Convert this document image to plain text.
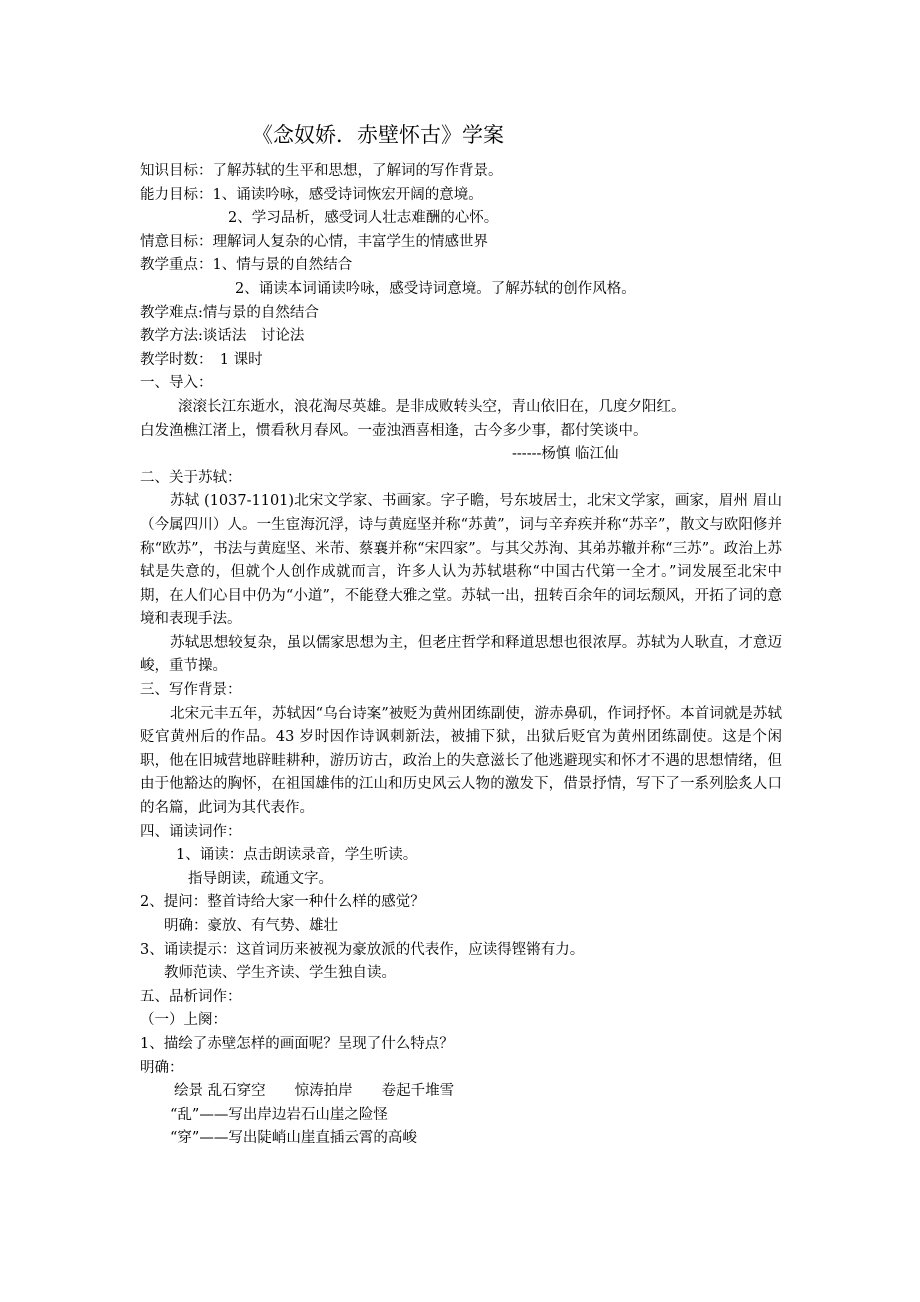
《念奴娇．赤壁怀古》学案
知识目标：了解苏轼的生平和思想，了解词的写作背景。
能力目标：1、诵读吟咏，感受诗词恢宏开阔的意境。
2、学习品析，感受词人壮志难酬的心怀。
情意目标：理解词人复杂的心情，丰富学生的情感世界
教学重点：1、情与景的自然结合
2、诵读本词诵读吟咏，感受诗词意境。了解苏轼的创作风格。
教学难点:情与景的自然结合
教学方法:谈话法　讨论法
教学时数：　1 课时
一、导入：
滚滚长江东逝水，浪花淘尽英雄。是非成败转头空，青山依旧在，几度夕阳红。
白发渔樵江渚上，惯看秋月春风。一壶浊酒喜相逢，古今多少事，都付笑谈中。
------杨慎 临江仙
二、关于苏轼：
苏轼 (1037-1101)北宋文学家、书画家。字子瞻，号东坡居士，北宋文学家，画家，眉州 眉山（今属四川）人。一生宦海沉浮，诗与黄庭坚并称“苏黄”，词与辛弃疾并称“苏辛”，散文与欧阳修并称“欧苏”，书法与黄庭坚、米芾、蔡襄并称“宋四家”。与其父苏洵、其弟苏辙并称“三苏”。政治上苏轼是失意的，但就个人创作成就而言，许多人认为苏轼堪称“中国古代第一全才。”词发展至北宋中期，在人们心目中仍为“小道”，不能登大雅之堂。苏轼一出，扭转百余年的词坛颓风，开拓了词的意境和表现手法。
苏轼思想较复杂，虽以儒家思想为主，但老庄哲学和释道思想也很浓厚。苏轼为人耿直，才意迈峻，重节操。
三、写作背景：
北宋元丰五年，苏轼因“乌台诗案”被贬为黄州团练副使，游赤鼻矶，作词抒怀。本首词就是苏轼贬官黄州后的作品。43 岁时因作诗讽刺新法，被捕下狱，出狱后贬官为黄州团练副使。这是个闲职，他在旧城营地辟畦耕种，游历访古，政治上的失意滋长了他逃避现实和怀才不遇的思想情绪，但由于他豁达的胸怀，在祖国雄伟的江山和历史风云人物的激发下，借景抒情，写下了一系列脍炙人口的名篇，此词为其代表作。
四、诵读词作：
1、诵读：点击朗读录音，学生听读。
指导朗读，疏通文字。
2、提问：整首诗给大家一种什么样的感觉？
明确：豪放、有气势、雄壮
3、诵读提示：这首词历来被视为豪放派的代表作，应读得铿锵有力。
教师范读、学生齐读、学生独自读。
五、品析词作：
（一）上阕：
1、描绘了赤壁怎样的画面呢？呈现了什么特点？
明确：
绘景 乱石穿空　　惊涛拍岸　　卷起千堆雪
“乱”——写出岸边岩石山崖之险怪
“穿”——写出陡峭山崖直插云霄的高峻
